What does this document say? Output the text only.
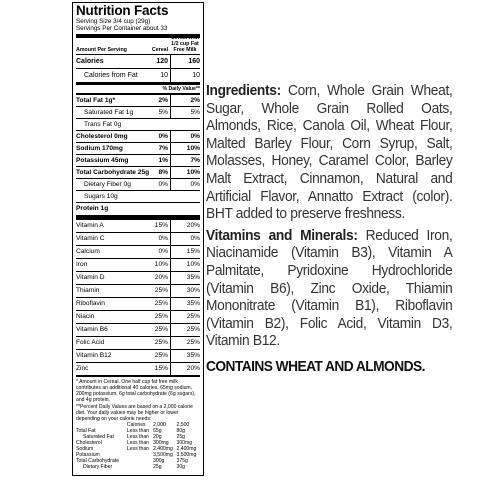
Nutrition Facts
Serving Size 3/4 cup (29g)
Servings Per Container about 33
Amount Per Serving	Cereal
Cereal with 1/2 cup Fat Free Milk
Calories	120	160
Calories from Fat	10	10
% Daily Value**
Total Fat 1g*	2%	2%
Saturated Fat 1g	5%	5%
Trans Fat 0g
Cholesterol 0mg	0%	0%
Sodium 170mg	7%	10%
Potassium 45mg	1%	7%
Total Carbohydrate 25g	8%	10%
Dietary Fiber 0g	0%	0%
Sugars 10g
Protein 1g
Vitamin A	15%	20%
Vitamin C	0%	0%
Calcium	0%	15%
Iron	10%	10%
Vitamin D	20%	35%
Thiamin	25%	30%
Riboflavin	25%	35%
Niacin	25%	25%
Vitamin B6	25%	25%
Folic Acid	25%	25%
Vitamin B12	25%	35%
Zinc	15%	20%
* Amount in Cereal. One half cup fat free milk contributes an additional 40 calories, 65mg sodium, 200mg potassium, 6g total carbohydrate (6g sugars), and 4g protein.
**Percent Daily Values are based on a 2,000 calorie diet. Your daily values may be higher or lower depending on your calorie needs:
	Calories	2,000	2,500
Total Fat	Less than	65g	80g
Saturated Fat	Less than	20g	25g
Cholesterol	Less than	300mg	300mg
Sodium	Less than	2,400mg	2,400mg
Potassium		3,500mg	3,500mg
Total Carbohydrate		300g	375g
Dietary Fiber		25g	30g

Ingredients: Corn, Whole Grain Wheat, Sugar, Whole Grain Rolled Oats, Almonds, Rice, Canola Oil, Wheat Flour, Malted Barley Flour, Corn Syrup, Salt, Molasses, Honey, Caramel Color, Barley Malt Extract, Cinnamon, Natural and Artificial Flavor, Annatto Extract (color). BHT added to preserve freshness.

Vitamins and Minerals: Reduced Iron, Niacinamide (Vitamin B3), Vitamin A Palmitate, Pyridoxine Hydrochloride (Vitamin B6), Zinc Oxide, Thiamin Mononitrate (Vitamin B1), Riboflavin (Vitamin B2), Folic Acid, Vitamin D3, Vitamin B12.

CONTAINS WHEAT AND ALMONDS.
